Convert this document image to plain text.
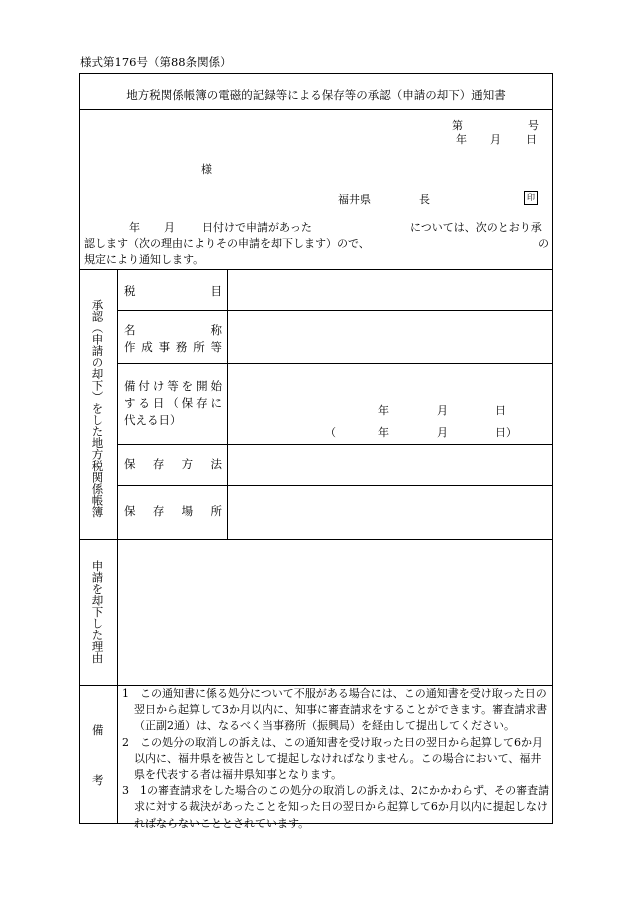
様式第176号（第88条関係）
地方税関係帳簿の電磁的記録等による保存等の承認（申請の却下）通知書
第	号
年 月 日
様
福井県	長	印
年 月 日付けで申請があった	については、次のとおり承
認します（次の理由によりその申請を却下します）ので、	の
規定により通知します。
承認（申請の却下）をした地方税関係帳簿
税　　　　　目
名　　　　　称
作成事務所等
備付け等を開始
する日（保存に
代える日）
年	月	日
（	年	月	日）
保　存　方　法
保　存　場　所
申請を却下した理由
備
考

1　この通知書に係る処分について不服がある場合には、この通知書を受け取った日の翌日から起算して3か月以内に、知事に審査請求をすることができます。審査請求書（正副2通）は、なるべく当事務所（振興局）を経由して提出してください。

2　この処分の取消しの訴えは、この通知書を受け取った日の翌日から起算して6か月以内に、福井県を被告として提起しなければなりません。この場合において、福井県を代表する者は福井県知事となります。

3　1の審査請求をした場合のこの処分の取消しの訴えは、2にかかわらず、その審査請求に対する裁決があったことを知った日の翌日から起算して6か月以内に提起しなければならないこととされています。
